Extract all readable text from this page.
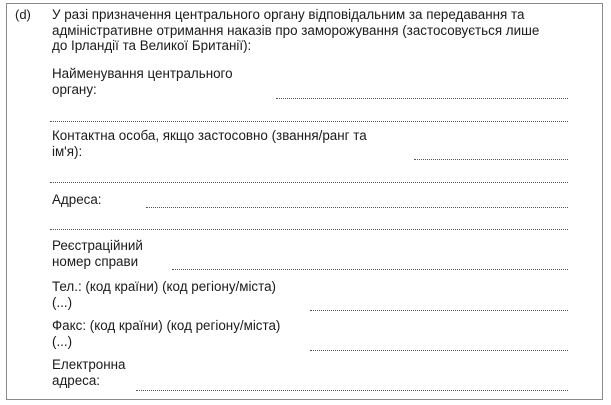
(d) У разі призначення центрального органу відповідальним за передавання та
адміністративне отримання наказів про заморожування (застосовується лише
до Ірландії та Великої Британії):

Найменування центрального
органу:

Контактна особа, якщо застосовно (звання/ранг та
ім'я):

Адреса:

Реєстраційний
номер справи

Тел.: (код країни) (код регіону/міста)
(...)

Факс: (код країни) (код регіону/міста)
(...)

Електронна
адреса:
